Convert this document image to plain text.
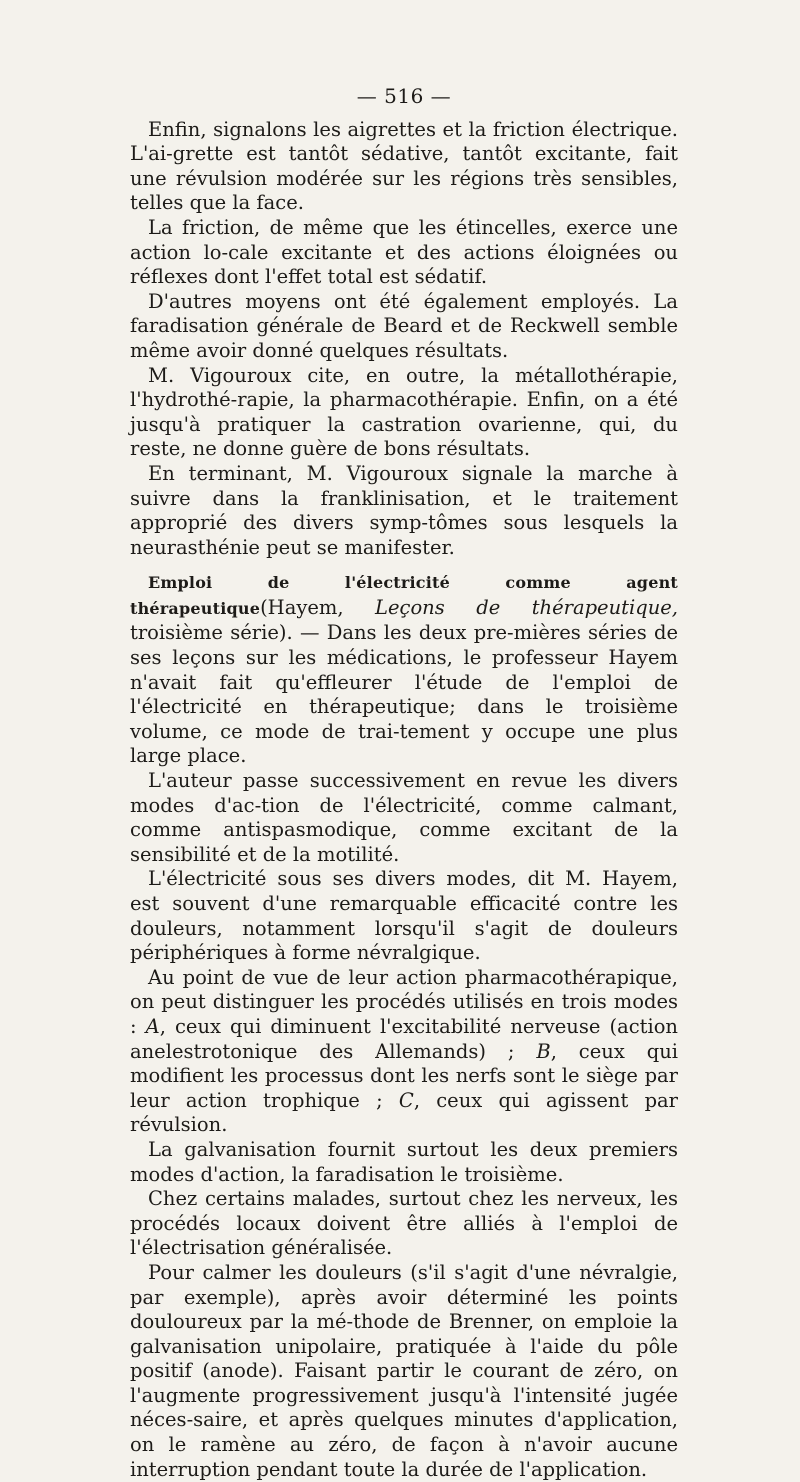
— 516 —

Enfin, signalons les aigrettes et la friction électrique. L'ai-grette est tantôt sédative, tantôt excitante, fait une révulsion modérée sur les régions très sensibles, telles que la face.

La friction, de même que les étincelles, exerce une action lo-cale excitante et des actions éloignées ou réflexes dont l'effet total est sédatif.

D'autres moyens ont été également employés. La faradisation générale de Beard et de Reckwell semble même avoir donné quelques résultats.

M. Vigouroux cite, en outre, la métallothérapie, l'hydrothé-rapie, la pharmacothérapie. Enfin, on a été jusqu'à pratiquer la castration ovarienne, qui, du reste, ne donne guère de bons résultats.

En terminant, M. Vigouroux signale la marche à suivre dans la franklinisation, et le traitement approprié des divers symp-tômes sous lesquels la neurasthénie peut se manifester.

Emploi de l'électricité comme agent thérapeutique(Hayem, Leçons de thérapeutique, troisième série). — Dans les deux pre-mières séries de ses leçons sur les médications, le professeur Hayem n'avait fait qu'effleurer l'étude de l'emploi de l'électricité en thérapeutique; dans le troisième volume, ce mode de trai-tement y occupe une plus large place.

L'auteur passe successivement en revue les divers modes d'ac-tion de l'électricité, comme calmant, comme antispasmodique, comme excitant de la sensibilité et de la motilité.

L'électricité sous ses divers modes, dit M. Hayem, est souvent d'une remarquable efficacité contre les douleurs, notamment lorsqu'il s'agit de douleurs périphériques à forme névralgique.

Au point de vue de leur action pharmacothérapique, on peut distinguer les procédés utilisés en trois modes : A, ceux qui diminuent l'excitabilité nerveuse (action anelestrotonique des Allemands) ; B, ceux qui modifient les processus dont les nerfs sont le siège par leur action trophique ; C, ceux qui agissent par révulsion.

La galvanisation fournit surtout les deux premiers modes d'action, la faradisation le troisième.

Chez certains malades, surtout chez les nerveux, les procédés locaux doivent être alliés à l'emploi de l'électrisation généralisée.

Pour calmer les douleurs (s'il s'agit d'une névralgie, par exemple), après avoir déterminé les points douloureux par la mé-thode de Brenner, on emploie la galvanisation unipolaire, pratiquée à l'aide du pôle positif (anode). Faisant partir le courant de zéro, on l'augmente progressivement jusqu'à l'intensité jugée néces-saire, et après quelques minutes d'application, on le ramène au zéro, de façon à n'avoir aucune interruption pendant toute la durée de l'application.
